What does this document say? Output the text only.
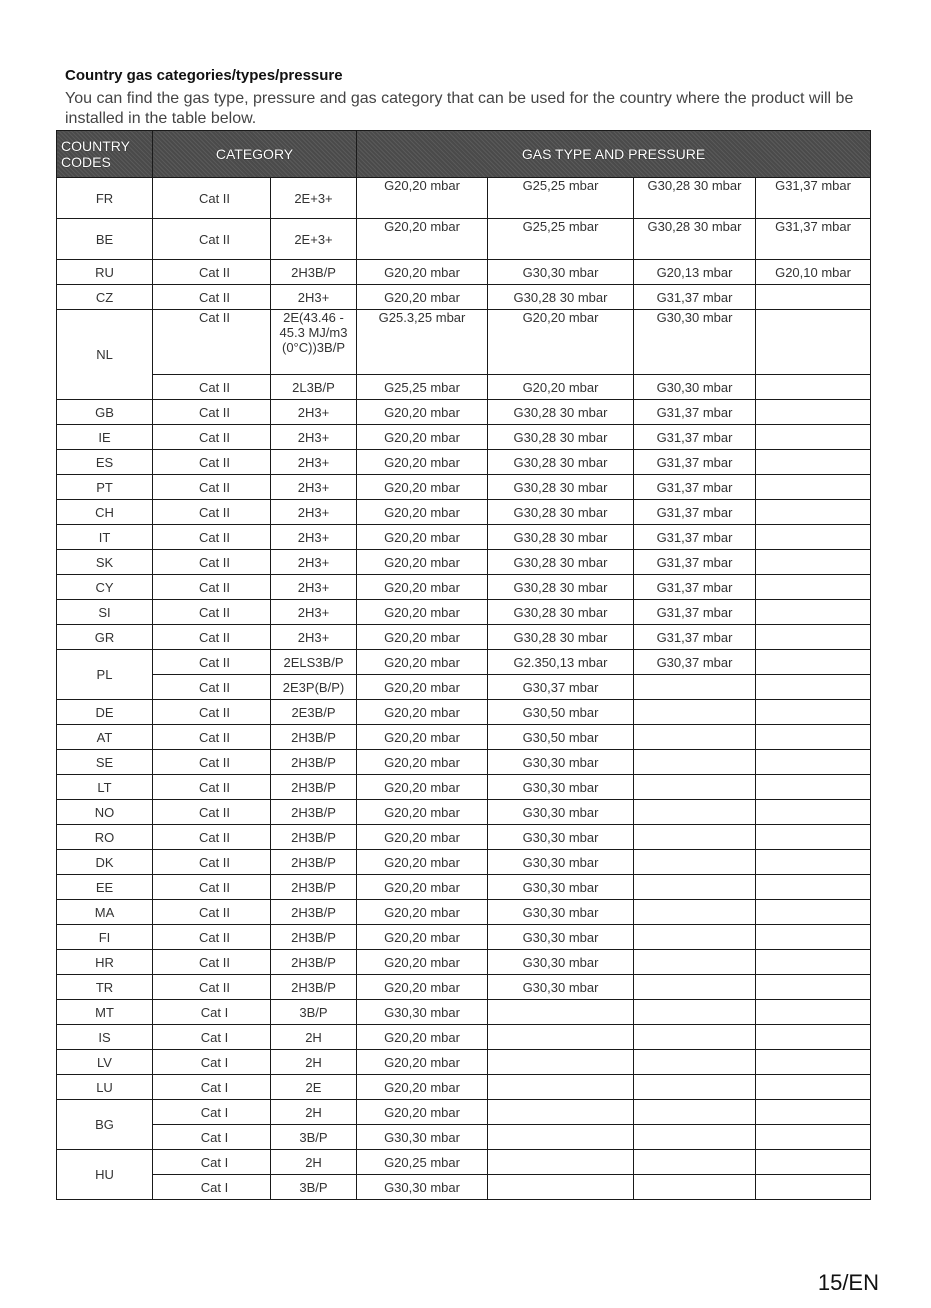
Country gas categories/types/pressure
You can find the gas type, pressure and gas category that can be used for the country where the product will be installed in the table below.
COUNTRY CODES	CATEGORY		GAS TYPE AND PRESSURE			
FR	Cat II	2E+3+	G20,20 mbar	G25,25 mbar	G30,28 30 mbar	G31,37 mbar
BE	Cat II	2E+3+	G20,20 mbar	G25,25 mbar	G30,28 30 mbar	G31,37 mbar
RU	Cat II	2H3B/P	G20,20 mbar	G30,30 mbar	G20,13 mbar	G20,10 mbar
CZ	Cat II	2H3+	G20,20 mbar	G30,28 30 mbar	G31,37 mbar	
NL	Cat II	2E(43.46 - 45.3 MJ/m3 (0°C))3B/P	G25.3,25 mbar	G20,20 mbar	G30,30 mbar	
	Cat II	2L3B/P	G25,25 mbar	G20,20 mbar	G30,30 mbar	
GB	Cat II	2H3+	G20,20 mbar	G30,28 30 mbar	G31,37 mbar	
IE	Cat II	2H3+	G20,20 mbar	G30,28 30 mbar	G31,37 mbar	
ES	Cat II	2H3+	G20,20 mbar	G30,28 30 mbar	G31,37 mbar	
PT	Cat II	2H3+	G20,20 mbar	G30,28 30 mbar	G31,37 mbar	
CH	Cat II	2H3+	G20,20 mbar	G30,28 30 mbar	G31,37 mbar	
IT	Cat II	2H3+	G20,20 mbar	G30,28 30 mbar	G31,37 mbar	
SK	Cat II	2H3+	G20,20 mbar	G30,28 30 mbar	G31,37 mbar	
CY	Cat II	2H3+	G20,20 mbar	G30,28 30 mbar	G31,37 mbar	
SI	Cat II	2H3+	G20,20 mbar	G30,28 30 mbar	G31,37 mbar	
GR	Cat II	2H3+	G20,20 mbar	G30,28 30 mbar	G31,37 mbar	
PL	Cat II	2ELS3B/P	G20,20 mbar	G2.350,13 mbar	G30,37 mbar	
	Cat II	2E3P(B/P)	G20,20 mbar	G30,37 mbar		
DE	Cat II	2E3B/P	G20,20 mbar	G30,50 mbar		
AT	Cat II	2H3B/P	G20,20 mbar	G30,50 mbar		
SE	Cat II	2H3B/P	G20,20 mbar	G30,30 mbar		
LT	Cat II	2H3B/P	G20,20 mbar	G30,30 mbar		
NO	Cat II	2H3B/P	G20,20 mbar	G30,30 mbar		
RO	Cat II	2H3B/P	G20,20 mbar	G30,30 mbar		
DK	Cat II	2H3B/P	G20,20 mbar	G30,30 mbar		
EE	Cat II	2H3B/P	G20,20 mbar	G30,30 mbar		
MA	Cat II	2H3B/P	G20,20 mbar	G30,30 mbar		
FI	Cat II	2H3B/P	G20,20 mbar	G30,30 mbar		
HR	Cat II	2H3B/P	G20,20 mbar	G30,30 mbar		
TR	Cat II	2H3B/P	G20,20 mbar	G30,30 mbar		
MT	Cat I	3B/P	G30,30 mbar			
IS	Cat I	2H	G20,20 mbar			
LV	Cat I	2H	G20,20 mbar			
LU	Cat I	2E	G20,20 mbar			
BG	Cat I	2H	G20,20 mbar			
	Cat I	3B/P	G30,30 mbar			
HU	Cat I	2H	G20,25 mbar			
	Cat I	3B/P	G30,30 mbar			
15/EN
